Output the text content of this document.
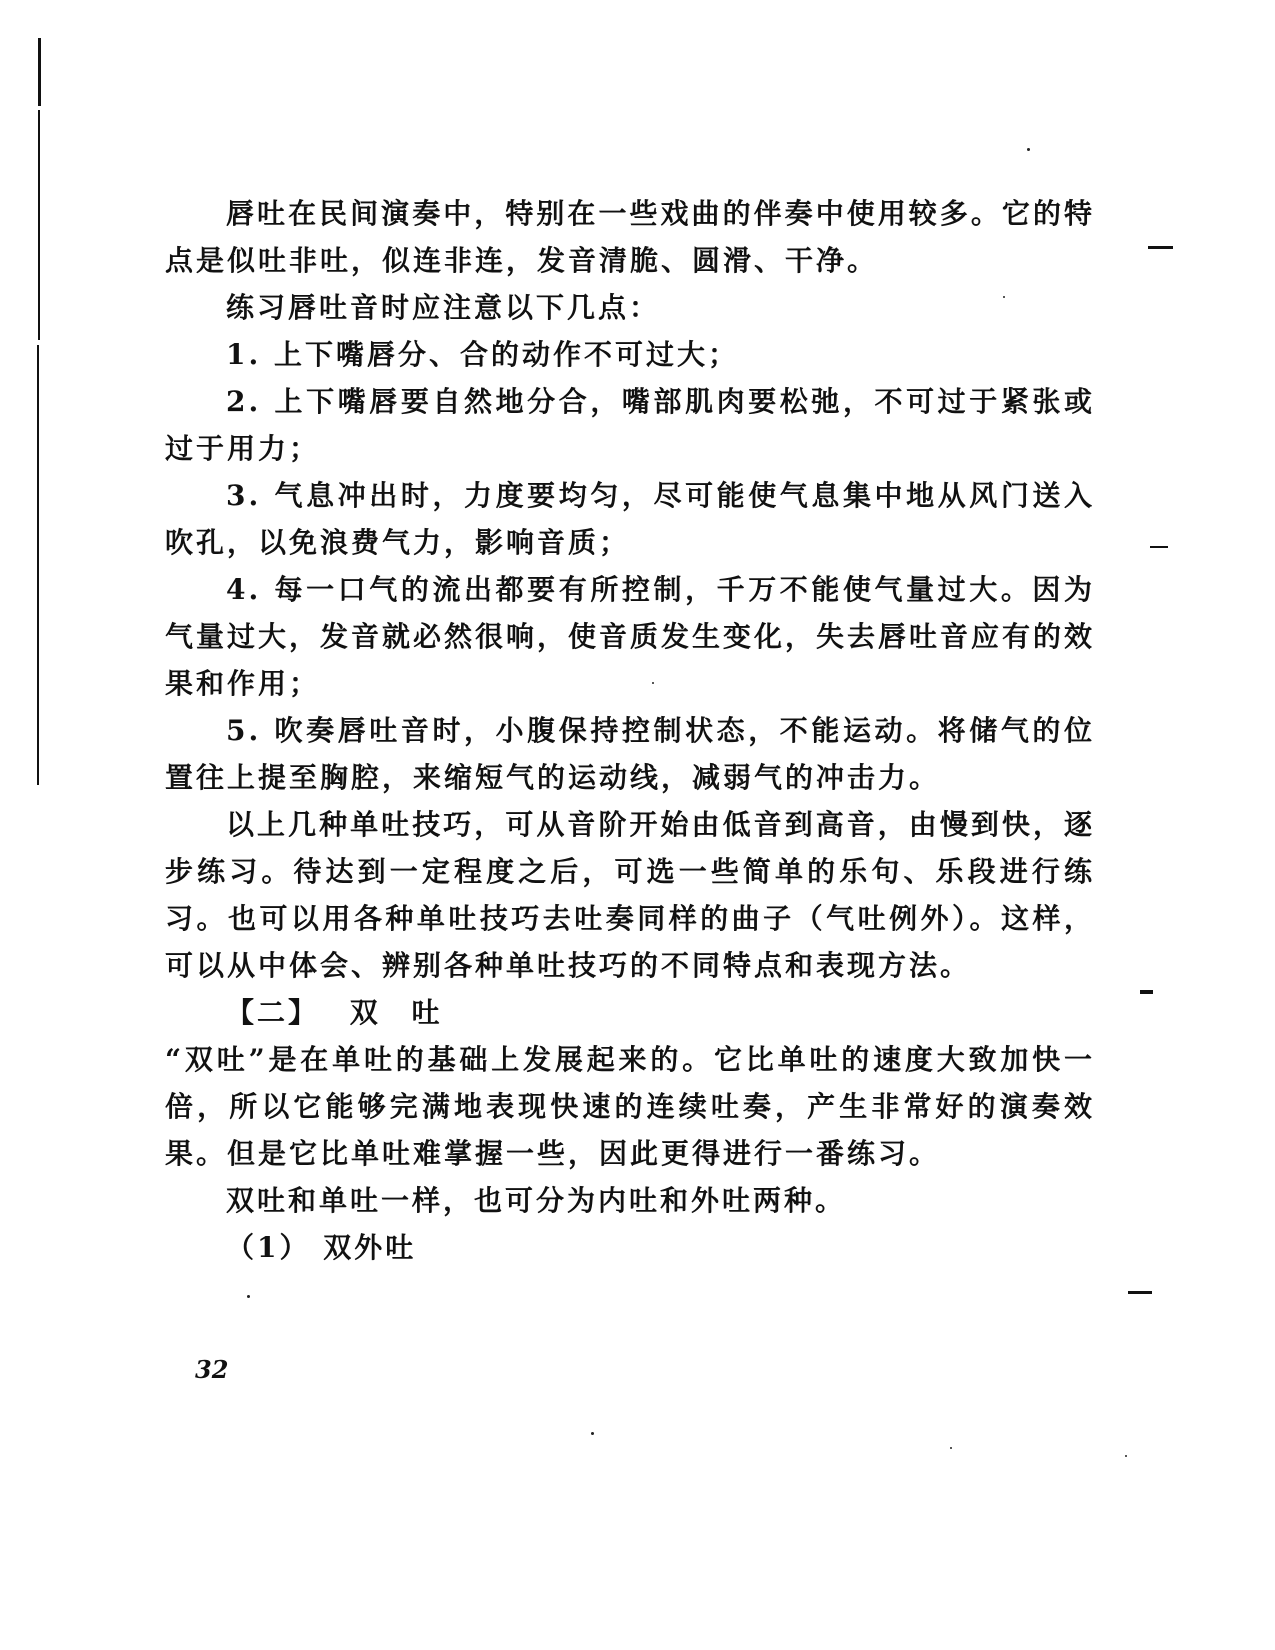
唇吐在民间演奏中，特别在一些戏曲的伴奏中使用较多。它的特点是似吐非吐，似连非连，发音清脆、圆滑、干净。

练习唇吐音时应注意以下几点：

1. 上下嘴唇分、合的动作不可过大；

2. 上下嘴唇要自然地分合，嘴部肌肉要松弛，不可过于紧张或过于用力；

3. 气息冲出时，力度要均匀，尽可能使气息集中地从风门送入吹孔，以免浪费气力，影响音质；

4. 每一口气的流出都要有所控制，千万不能使气量过大。因为气量过大，发音就必然很响，使音质发生变化，失去唇吐音应有的效果和作用；

5. 吹奏唇吐音时，小腹保持控制状态，不能运动。将储气的位置往上提至胸腔，来缩短气的运动线，减弱气的冲击力。

以上几种单吐技巧，可从音阶开始由低音到高音，由慢到快，逐步练习。待达到一定程度之后，可选一些简单的乐句、乐段进行练习。也可以用各种单吐技巧去吐奏同样的曲子（气吐例外）。这样，可以从中体会、辨别各种单吐技巧的不同特点和表现方法。

【二】 双 吐

“双吐”是在单吐的基础上发展起来的。它比单吐的速度大致加快一倍，所以它能够完满地表现快速的连续吐奏，产生非常好的演奏效果。但是它比单吐难掌握一些，因此更得进行一番练习。

双吐和单吐一样，也可分为内吐和外吐两种。

（1） 双外吐

32
